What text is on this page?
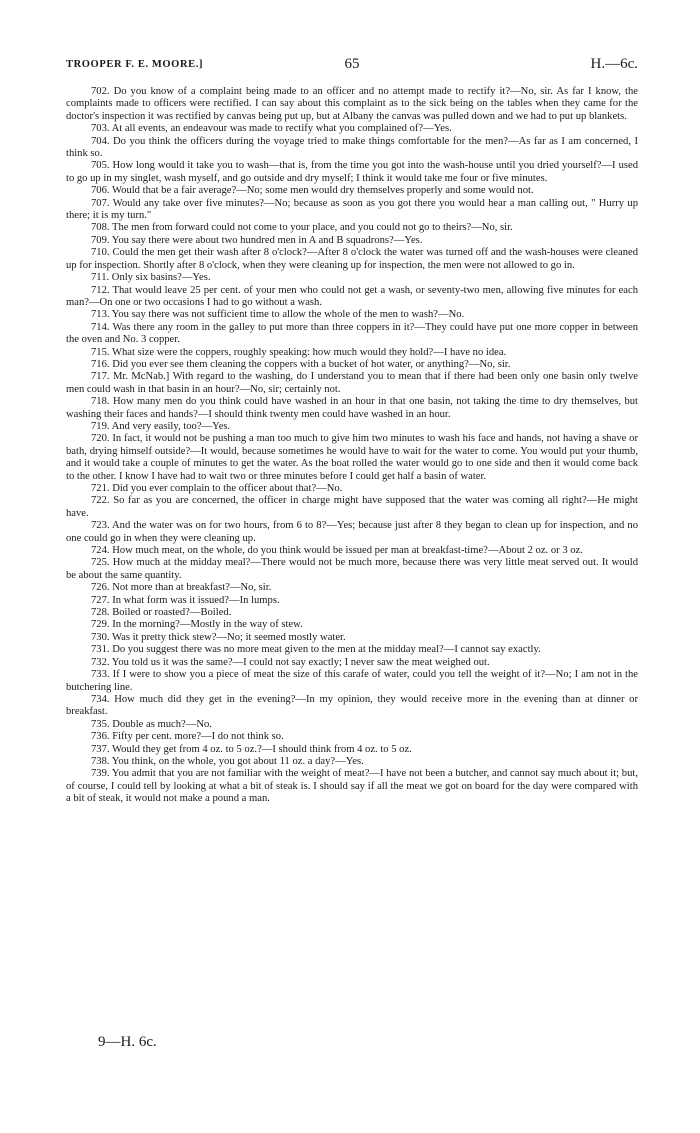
TROOPER F. E. MOORE.]	65	H.—6c.

702. Do you know of a complaint being made to an officer and no attempt made to rectify it?—No, sir. As far I know, the complaints made to officers were rectified. I can say about this complaint as to the sick being on the tables when they came for the doctor's inspection it was rectified by canvas being put up, but at Albany the canvas was pulled down and we had to put up blankets.

703. At all events, an endeavour was made to rectify what you complained of?—Yes.

704. Do you think the officers during the voyage tried to make things comfortable for the men?—As far as I am concerned, I think so.

705. How long would it take you to wash—that is, from the time you got into the wash-house until you dried yourself?—I used to go up in my singlet, wash myself, and go outside and dry myself; I think it would take me four or five minutes.

706. Would that be a fair average?—No; some men would dry themselves properly and some would not.

707. Would any take over five minutes?—No; because as soon as you got there you would hear a man calling out, " Hurry up there; it is my turn."

708. The men from forward could not come to your place, and you could not go to theirs?—No, sir.

709. You say there were about two hundred men in A and B squadrons?—Yes.

710. Could the men get their wash after 8 o'clock?—After 8 o'clock the water was turned off and the wash-houses were cleaned up for inspection. Shortly after 8 o'clock, when they were cleaning up for inspection, the men were not allowed to go in.

711. Only six basins?—Yes.

712. That would leave 25 per cent. of your men who could not get a wash, or seventy-two men, allowing five minutes for each man?—On one or two occasions I had to go without a wash.

713. You say there was not sufficient time to allow the whole of the men to wash?—No.

714. Was there any room in the galley to put more than three coppers in it?—They could have put one more copper in between the oven and No. 3 copper.

715. What size were the coppers, roughly speaking: how much would they hold?—I have no idea.

716. Did you ever see them cleaning the coppers with a bucket of hot water, or anything?—No, sir.

717. Mr. McNab.] With regard to the washing, do I understand you to mean that if there had been only one basin only twelve men could wash in that basin in an hour?—No, sir; certainly not.

718. How many men do you think could have washed in an hour in that one basin, not taking the time to dry themselves, but washing their faces and hands?—I should think twenty men could have washed in an hour.

719. And very easily, too?—Yes.

720. In fact, it would not be pushing a man too much to give him two minutes to wash his face and hands, not having a shave or bath, drying himself outside?—It would, because sometimes he would have to wait for the water to come. You would put your thumb, and it would take a couple of minutes to get the water. As the boat rolled the water would go to one side and then it would come back to the other. I know I have had to wait two or three minutes before I could get half a basin of water.

721. Did you ever complain to the officer about that?—No.

722. So far as you are concerned, the officer in charge might have supposed that the water was coming all right?—He might have.

723. And the water was on for two hours, from 6 to 8?—Yes; because just after 8 they began to clean up for inspection, and no one could go in when they were cleaning up.

724. How much meat, on the whole, do you think would be issued per man at breakfast-time?—About 2 oz. or 3 oz.

725. How much at the midday meal?—There would not be much more, because there was very little meat served out. It would be about the same quantity.

726. Not more than at breakfast?—No, sir.

727. In what form was it issued?—In lumps.

728. Boiled or roasted?—Boiled.

729. In the morning?—Mostly in the way of stew.

730. Was it pretty thick stew?—No; it seemed mostly water.

731. Do you suggest there was no more meat given to the men at the midday meal?—I cannot say exactly.

732. You told us it was the same?—I could not say exactly; I never saw the meat weighed out.

733. If I were to show you a piece of meat the size of this carafe of water, could you tell the weight of it?—No; I am not in the butchering line.

734. How much did they get in the evening?—In my opinion, they would receive more in the evening than at dinner or breakfast.

735. Double as much?—No.

736. Fifty per cent. more?—I do not think so.

737. Would they get from 4 oz. to 5 oz.?—I should think from 4 oz. to 5 oz.

738. You think, on the whole, you got about 11 oz. a day?—Yes.

739. You admit that you are not familiar with the weight of meat?—I have not been a butcher, and cannot say much about it; but, of course, I could tell by looking at what a bit of steak is. I should say if all the meat we got on board for the day were compared with a bit of steak, it would not make a pound a man.

9—H. 6c.
